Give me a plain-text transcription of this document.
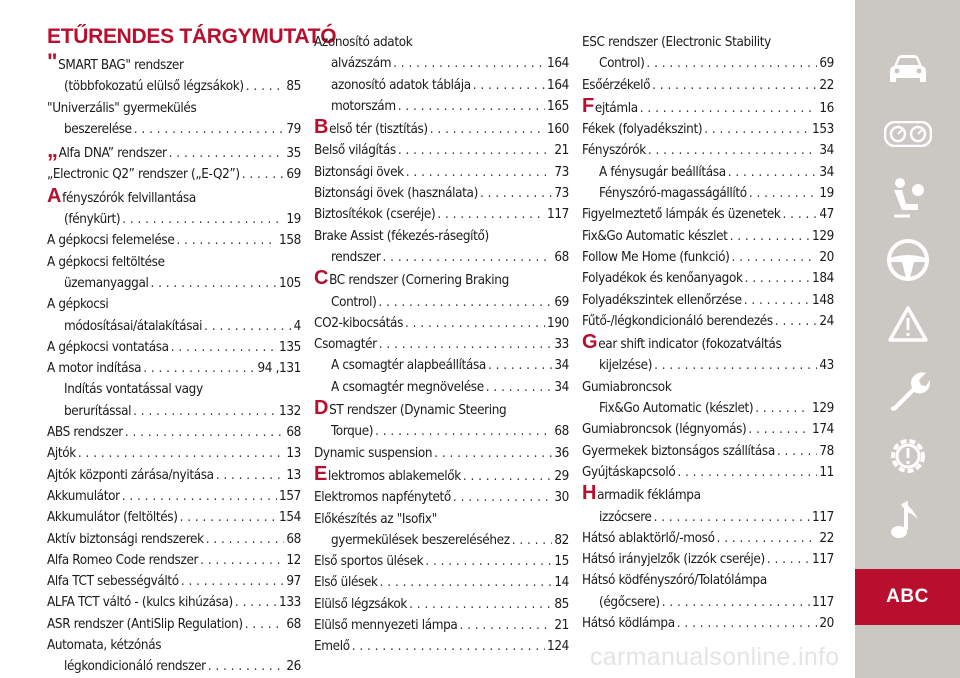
ETŰRENDES TÁRGYMUTATÓ
"SMART BAG" rendszer
(többfokozatú elülső légzsákok) . . .	85
"Univerzális" gyermekülés
beszerelése . . .	79
„ Alfa DNA” rendszer . . .	35
„Electronic Q2” rendszer („E-Q2”) . . .	69
Afényszórók felvillantása
(fénykürt) . . .	19
A gépkocsi felemelése . . .	158
A gépkocsi feltöltése
üzemanyaggal . . .	105
A gépkocsi
módosításai/átalakításai . . .	4
A gépkocsi vontatása . . .	135
A motor indítása . . .	94 ,131
Indítás vontatással vagy
berurítással . . .	132
ABS rendszer . . .	68
Ajtók . . .	13
Ajtók központi zárása/nyitása . . .	13
Akkumulátor . . .	157
Akkumulátor (feltöltés) . . .	154
Aktív biztonsági rendszerek . . .	68
Alfa Romeo Code rendszer . . .	12
Alfa TCT sebességváltó . . .	97
ALFA TCT váltó - (kulcs kihúzása) . . .	133
ASR rendszer (AntiSlip Regulation) . . .	68
Automata, kétzónás
légkondicionáló rendszer . . .	26
Azonosító adatok
alvázszám . . .	164
azonosító adatok táblája . . .	164
motorszám . . .	165
B első tér (tisztítás) . . .	160
Belső világítás . . .	21
Biztonsági övek . . .	73
Biztonsági övek (használata) . . .	73
Biztosítékok (cseréje) . . .	117
Brake Assist (fékezés-rásegítő)
rendszer . . .	68
CBC rendszer (Cornering Braking
Control) . . .	69
CO2-kibocsátás . . .	190
Csomagtér . . .	33
A csomagtér alapbeállítása . . .	34
A csomagtér megnövelése . . .	34
DST rendszer (Dynamic Steering
Torque) . . .	68
Dynamic suspension . . .	36
E lektromos ablakemelők . . .	29
Elektromos napfénytető . . .	30
Előkészítés az "Isofix"
gyermekülések beszereléséhez . . .	82
Első sportos ülések . . .	15
Első ülések . . .	14
Elülső légzsákok . . .	85
Elülső mennyezeti lámpa . . .	21
Emelő . . .	124
ESC rendszer (Electronic Stability
Control) . . .	69
Esőérzékelő . . .	22
F ejtámla . . .	16
Fékek (folyadékszint) . . .	153
Fényszórók . . .	34
A fénysugár beállítása . . .	34
Fényszóró-magasságállító . . .	19
Figyelmeztető lámpák és üzenetek . . .	47
Fix&Go Automatic készlet . . .	129
Follow Me Home (funkció) . . .	20
Folyadékok és kenőanyagok . . .	184
Folyadékszintek ellenőrzése . . .	148
Fűtő-/légkondicionáló berendezés . . .	24
Gear shift indicator (fokozatváltás
kijelzése) . . .	43
Gumiabroncsok
Fix&Go Automatic (készlet) . . .	129
Gumiabroncsok (légnyomás) . . .	174
Gyermekek biztonságos szállítása . . .	78
Gyújtáskapcsoló . . .	11
Harmadik féklámpa
izzócsere . . .	117
Hátsó ablaktörlő/-mosó . . .	22
Hátsó irányjelzők (izzók cseréje) . . .	117
Hátsó ködfényszóró/Tolatólámpa
(égőcsere) . . .	117
Hátsó ködlámpa . . .	20
ABC
carmanualsonline.info
